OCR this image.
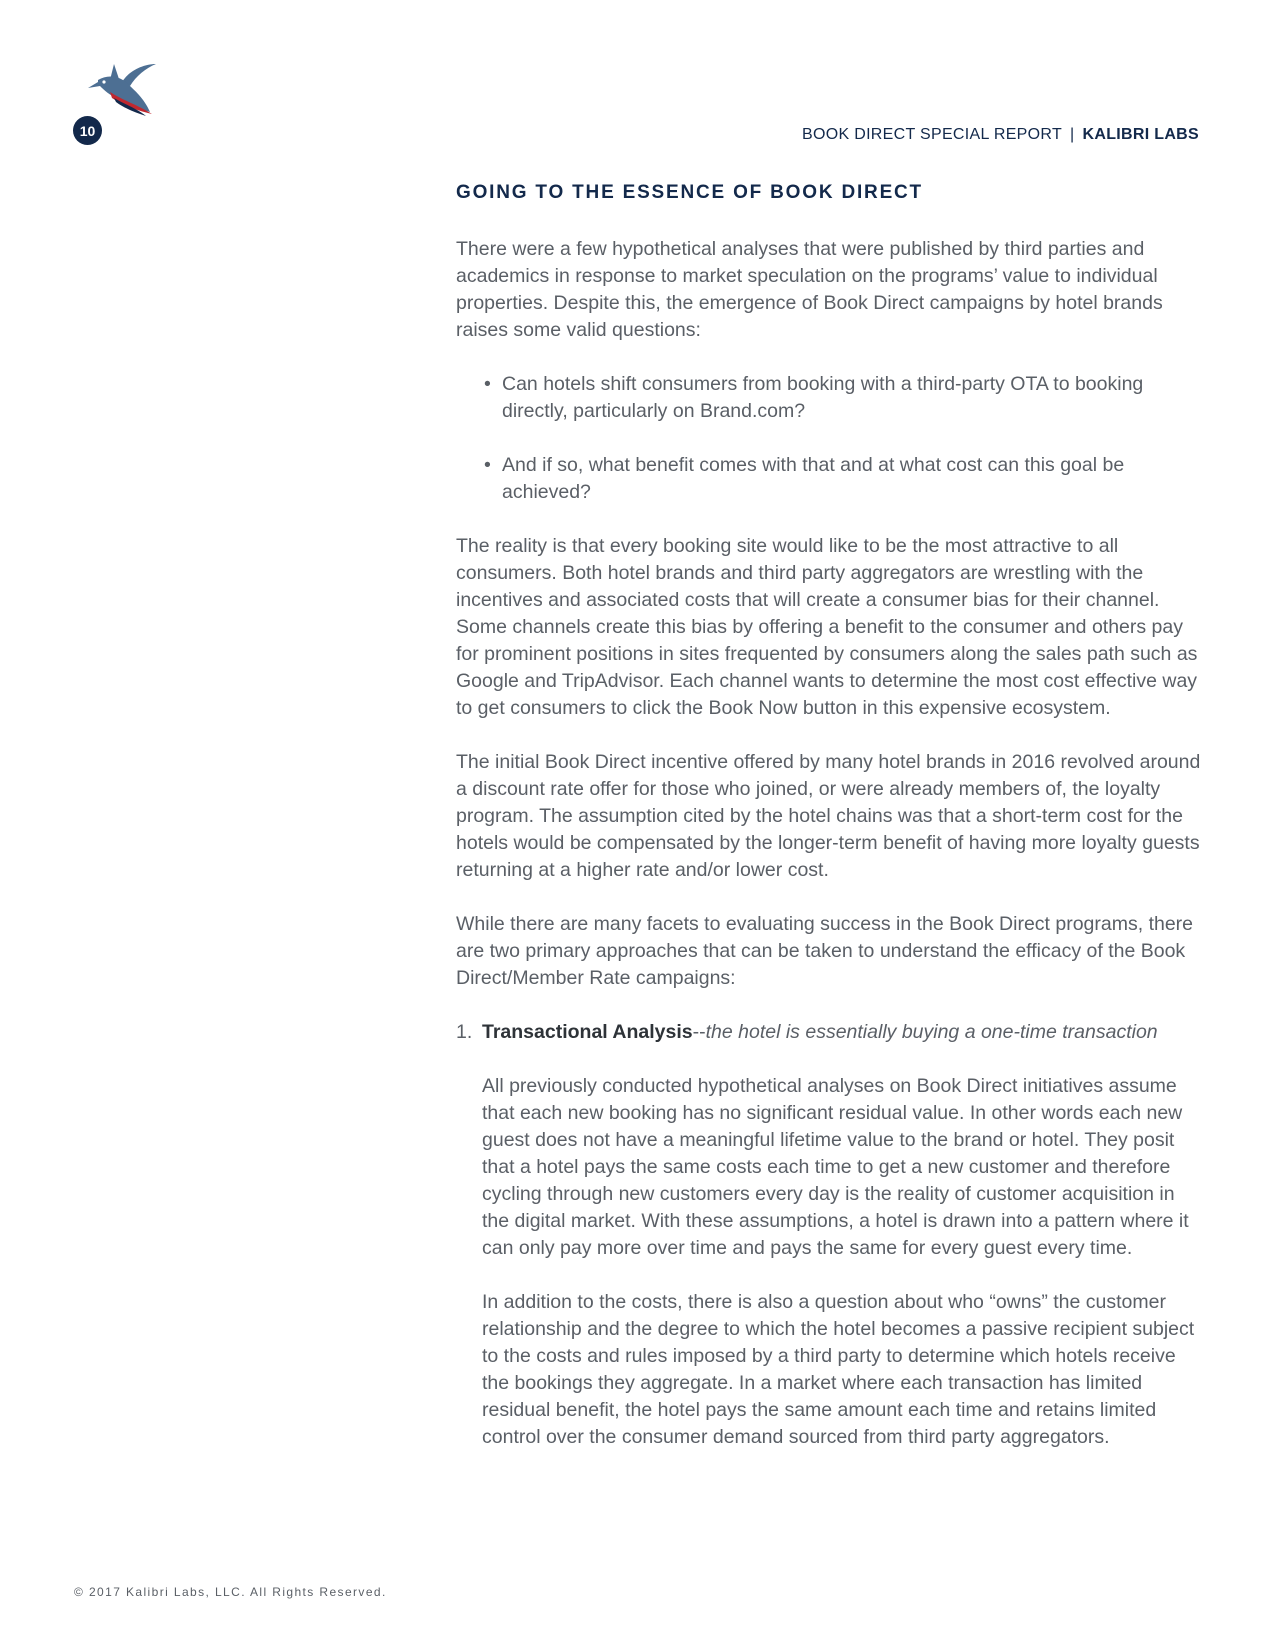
10	BOOK DIRECT SPECIAL REPORT | KALIBRI LABS
GOING TO THE ESSENCE OF BOOK DIRECT

There were a few hypothetical analyses that were published by third parties and academics in response to market speculation on the programs’ value to individual properties. Despite this, the emergence of Book Direct campaigns by hotel brands raises some valid questions:

• Can hotels shift consumers from booking with a third-party OTA to booking directly, particularly on Brand.com?
• And if so, what benefit comes with that and at what cost can this goal be achieved?

The reality is that every booking site would like to be the most attractive to all consumers. Both hotel brands and third party aggregators are wrestling with the incentives and associated costs that will create a consumer bias for their channel. Some channels create this bias by offering a benefit to the consumer and others pay for prominent positions in sites frequented by consumers along the sales path such as Google and TripAdvisor. Each channel wants to determine the most cost effective way to get consumers to click the Book Now button in this expensive ecosystem.

The initial Book Direct incentive offered by many hotel brands in 2016 revolved around a discount rate offer for those who joined, or were already members of, the loyalty program. The assumption cited by the hotel chains was that a short-term cost for the hotels would be compensated by the longer-term benefit of having more loyalty guests returning at a higher rate and/or lower cost.

While there are many facets to evaluating success in the Book Direct programs, there are two primary approaches that can be taken to understand the efficacy of the Book Direct/Member Rate campaigns:

1. Transactional Analysis--the hotel is essentially buying a one-time transaction

All previously conducted hypothetical analyses on Book Direct initiatives assume that each new booking has no significant residual value. In other words each new guest does not have a meaningful lifetime value to the brand or hotel. They posit that a hotel pays the same costs each time to get a new customer and therefore cycling through new customers every day is the reality of customer acquisition in the digital market. With these assumptions, a hotel is drawn into a pattern where it can only pay more over time and pays the same for every guest every time.

In addition to the costs, there is also a question about who “owns” the customer relationship and the degree to which the hotel becomes a passive recipient subject to the costs and rules imposed by a third party to determine which hotels receive the bookings they aggregate. In a market where each transaction has limited residual benefit, the hotel pays the same amount each time and retains limited control over the consumer demand sourced from third party aggregators.

© 2017 Kalibri Labs, LLC. All Rights Reserved.
